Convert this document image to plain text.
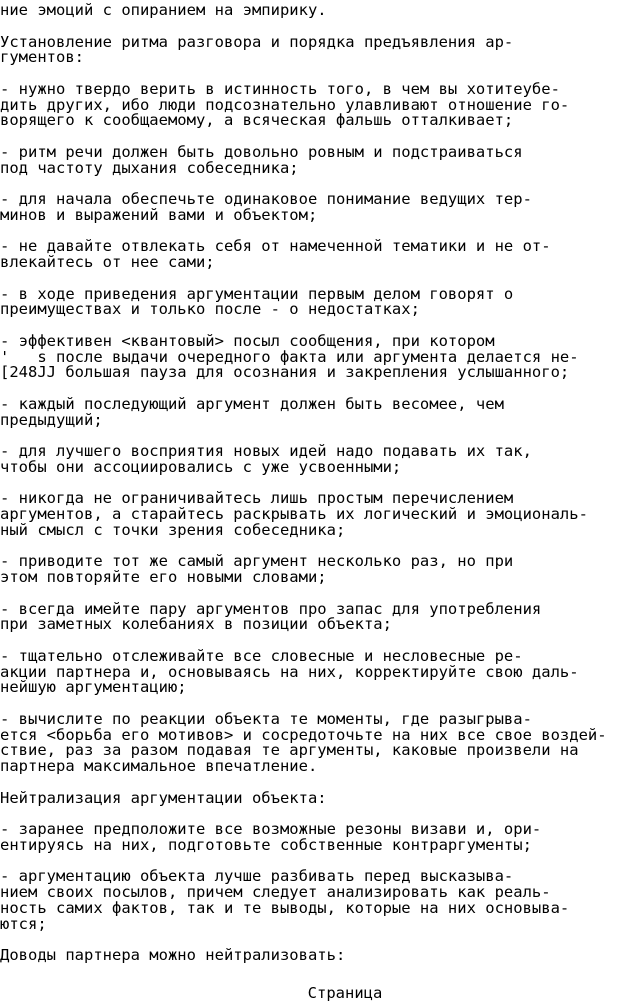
ние эмоций с опиранием на эмпирику.
Установление ритма разговора и порядка предъявления ар-
гументов:
- нужно твердо верить в истинность того, в чем вы хотитеубе-
дить других, ибо люди подсознательно улавливают отношение го-
ворящего к сообщаемому, а всяческая фальшь отталкивает;
- ритм речи должен быть довольно ровным и подстраиваться
под частоту дыхания собеседника;
- для начала обеспечьте одинаковое понимание ведущих тер-
минов и выражений вами и объектом;
- не давайте отвлекать себя от намеченной тематики и не от-
влекайтесь от нее сами;
- в ходе приведения аргументации первым делом говорят о
преимуществах и только после - о недостатках;
- эффективен <квантовый> посыл сообщения, при котором
'   s после выдачи очередного факта или аргумента делается не-
[248JJ большая пауза для осознания и закрепления услышанного;
- каждый последующий аргумент должен быть весомее, чем
предыдущий;
- для лучшего восприятия новых идей надо подавать их так,
чтобы они ассоциировались с уже усвоенными;
- никогда не ограничивайтесь лишь простым перечислением
аргументов, а старайтесь раскрывать их логический и эмоциональ-
ный смысл с точки зрения собеседника;
- приводите тот же самый аргумент несколько раз, но при
этом повторяйте его новыми словами;
- всегда имейте пару аргументов про запас для употребления
при заметных колебаниях в позиции объекта;
- тщательно отслеживайте все словесные и несловесные ре-
акции партнера и, основываясь на них, корректируйте свою даль-
нейшую аргументацию;
- вычислите по реакции объекта те моменты, где разыгрыва-
ется <борьба его мотивов> и сосредоточьте на них все свое воздей-
ствие, раз за разом подавая те аргументы, каковые произвели на
партнера максимальное впечатление.
Нейтрализация аргументации объекта:
- заранее предположите все возможные резоны визави и, ори-
ентируясь на них, подготовьте собственные контраргументы;
- аргументацию объекта лучше разбивать перед высказыва-
нием своих посылов, причем следует анализировать как реаль-
ность самих фактов, так и те выводы, которые на них основыва-
ются;
Доводы партнера можно нейтрализовать:
Страница
